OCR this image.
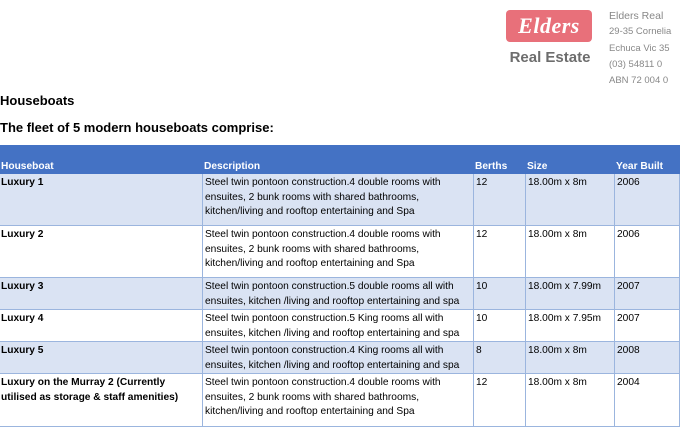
Elders
Real Estate
Elders Real
29-35 Cornelia
Echuca Vic 35
(03) 54811 0
ABN 72 004 0
Houseboats
The fleet of 5 modern houseboats comprise:
Houseboat	Description	Berths	Size	Year Built
Luxury 1	Steel twin pontoon construction.4 double rooms with ensuites, 2 bunk rooms with shared bathrooms, kitchen/living and rooftop entertaining and Spa	12	18.00m x 8m	2006
Luxury 2	Steel twin pontoon construction.4 double rooms with ensuites, 2 bunk rooms with shared bathrooms, kitchen/living and rooftop entertaining and Spa	12	18.00m x 8m	2006
Luxury 3	Steel twin pontoon construction.5 double rooms all with ensuites, kitchen /living and rooftop entertaining and spa	10	18.00m x 7.99m	2007
Luxury 4	Steel twin pontoon construction.5 King rooms all with ensuites, kitchen /living and rooftop entertaining and spa	10	18.00m x 7.95m	2007
Luxury 5	Steel twin pontoon construction.4 King rooms all with ensuites, kitchen /living and rooftop entertaining and spa	8	18.00m x 8m	2008
Luxury on the Murray 2 (Currently utilised as storage & staff amenities)	Steel twin pontoon construction.4 double rooms with ensuites, 2 bunk rooms with shared bathrooms, kitchen/living and rooftop entertaining and Spa	12	18.00m x 8m	2004
